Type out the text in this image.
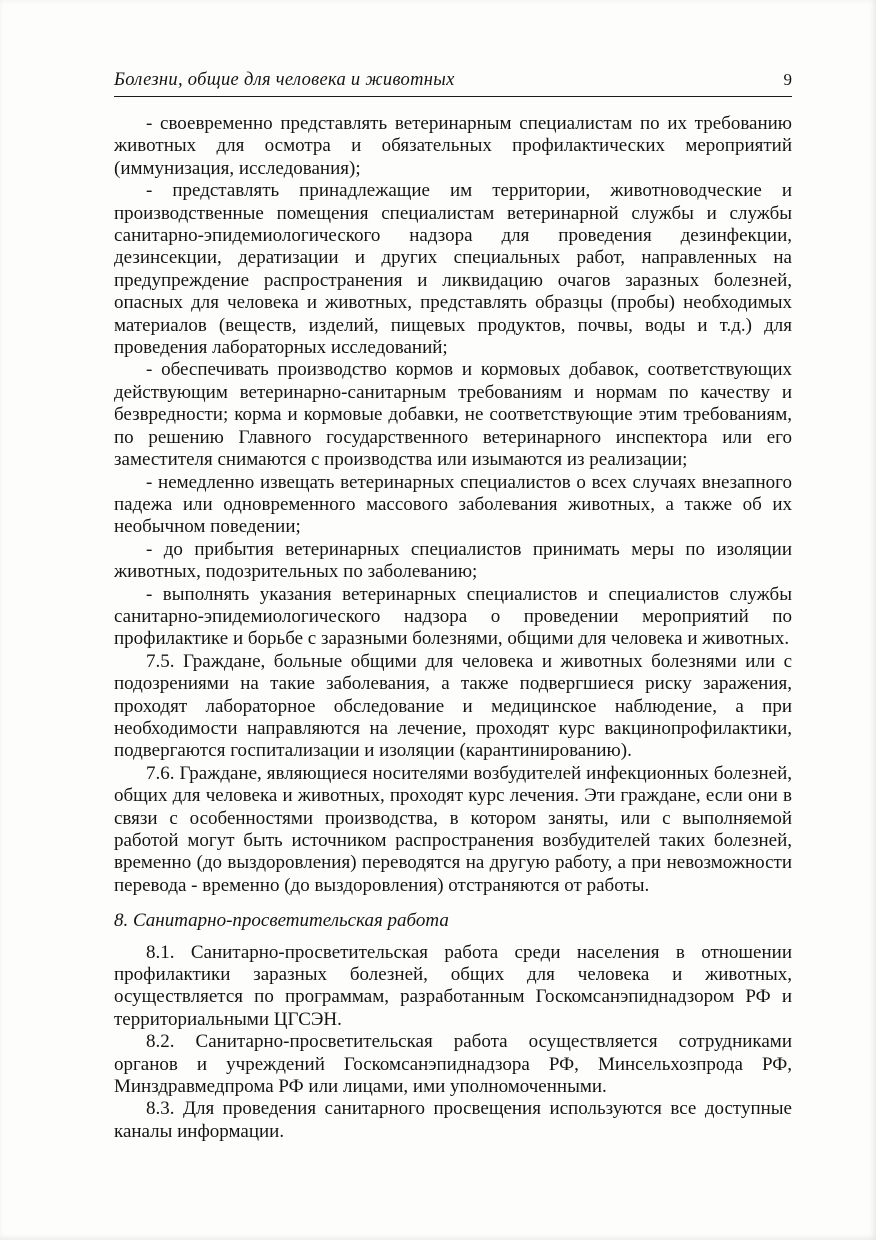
Болезни, общие для человека и животных	9

- своевременно представлять ветеринарным специалистам по их требованию животных для осмотра и обязательных профилактических мероприятий (иммунизация, исследования);

- представлять принадлежащие им территории, животноводческие и производственные помещения специалистам ветеринарной службы и службы санитарно-эпидемиологического надзора для проведения дезинфекции, дезинсекции, дератизации и других специальных работ, направленных на предупреждение распространения и ликвидацию очагов заразных болезней, опасных для человека и животных, представлять образцы (пробы) необходимых материалов (веществ, изделий, пищевых продуктов, почвы, воды и т.д.) для проведения лабораторных исследований;

- обеспечивать производство кормов и кормовых добавок, соответствующих действующим ветеринарно-санитарным требованиям и нормам по качеству и безвредности; корма и кормовые добавки, не соответствующие этим требованиям, по решению Главного государственного ветеринарного инспектора или его заместителя снимаются с производства или изымаются из реализации;

- немедленно извещать ветеринарных специалистов о всех случаях внезапного падежа или одновременного массового заболевания животных, а также об их необычном поведении;

- до прибытия ветеринарных специалистов принимать меры по изоляции животных, подозрительных по заболеванию;

- выполнять указания ветеринарных специалистов и специалистов службы санитарно-эпидемиологического надзора о проведении мероприятий по профилактике и борьбе с заразными болезнями, общими для человека и животных.

7.5. Граждане, больные общими для человека и животных болезнями или с подозрениями на такие заболевания, а также подвергшиеся риску заражения, проходят лабораторное обследование и медицинское наблюдение, а при необходимости направляются на лечение, проходят курс вакцинопрофилактики, подвергаются госпитализации и изоляции (карантинированию).

7.6. Граждане, являющиеся носителями возбудителей инфекционных болезней, общих для человека и животных, проходят курс лечения. Эти граждане, если они в связи с особенностями производства, в котором заняты, или с выполняемой работой могут быть источником распространения возбудителей таких болезней, временно (до выздоровления) переводятся на другую работу, а при невозможности перевода - временно (до выздоровления) отстраняются от работы.

8. Санитарно-просветительская работа

8.1. Санитарно-просветительская работа среди населения в отношении профилактики заразных болезней, общих для человека и животных, осуществляется по программам, разработанным Госкомсанэпиднадзором РФ и территориальными ЦГСЭН.

8.2. Санитарно-просветительская работа осуществляется сотрудниками органов и учреждений Госкомсанэпиднадзора РФ, Минсельхозпрода РФ, Минздравмедпрома РФ или лицами, ими уполномоченными.

8.3. Для проведения санитарного просвещения используются все доступные каналы информации.
